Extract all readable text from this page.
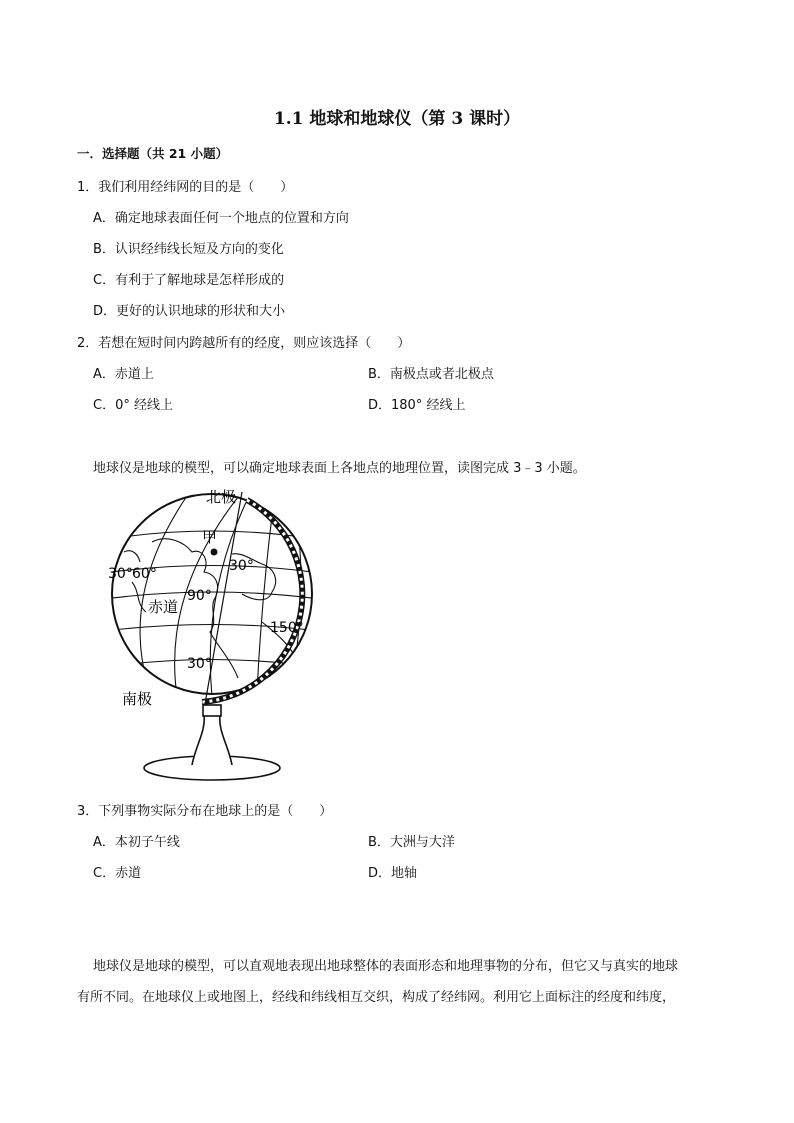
1.1 地球和地球仪（第 3 课时）
一．选择题（共 21 小题）
1．我们利用经纬网的目的是（　　）
A．确定地球表面任何一个地点的位置和方向
B．认识经纬线长短及方向的变化
C．有利于了解地球是怎样形成的
D．更好的认识地球的形状和大小
2．若想在短时间内跨越所有的经度，则应该选择（　　）
A．赤道上	B．南极点或者北极点
C．0° 经线上	D．180° 经线上
地球仪是地球的模型，可以确定地球表面上各地点的地理位置，读图完成 3﹣3 小题。
北极
南极
甲
赤道
30°
30°
30° 60°
90°
150°
3．下列事物实际分布在地球上的是（　　）
A．本初子午线	B．大洲与大洋
C．赤道	D．地轴
地球仪是地球的模型，可以直观地表现出地球整体的表面形态和地理事物的分布，但它又与真实的地球
有所不同。在地球仪上或地图上，经线和纬线相互交织，构成了经纬网。利用它上面标注的经度和纬度，
